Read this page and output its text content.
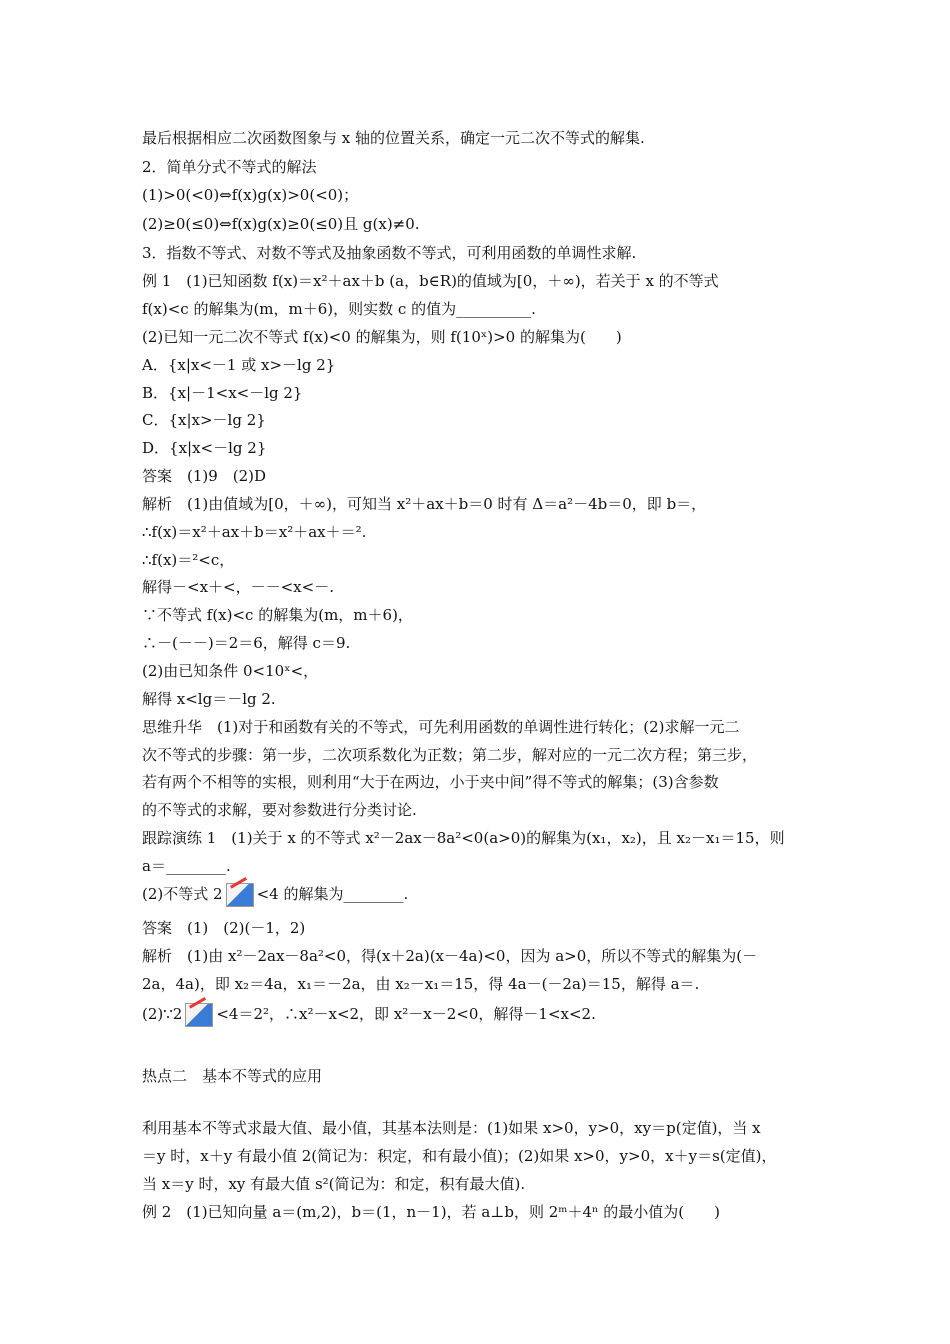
最后根据相应二次函数图象与 x 轴的位置关系，确定一元二次不等式的解集.
2．简单分式不等式的解法
(1)>0(<0)⇔f(x)g(x)>0(<0)；
(2)≥0(≤0)⇔f(x)g(x)≥0(≤0)且 g(x)≠0.
3．指数不等式、对数不等式及抽象函数不等式，可利用函数的单调性求解.
例 1　(1)已知函数 f(x)＝x²＋ax＋b (a，b∈R)的值域为[0，＋∞)，若关于 x 的不等式
f(x)<c 的解集为(m，m＋6)，则实数 c 的值为__________.
(2)已知一元二次不等式 f(x)<0 的解集为，则 f(10ˣ)>0 的解集为(　　)
A．{x|x<－1 或 x>－lg 2}
B．{x|－1<x<－lg 2}
C．{x|x>－lg 2}
D．{x|x<－lg 2}
答案　(1)9　(2)D
解析　(1)由值域为[0，＋∞)，可知当 x²＋ax＋b＝0 时有 Δ＝a²－4b＝0，即 b＝，
∴f(x)＝x²＋ax＋b＝x²＋ax＋＝².
∴f(x)＝²<c，
解得－<x＋<，－－<x<－.
∵不等式 f(x)<c 的解集为(m，m＋6)，
∴－(－－)＝2＝6，解得 c＝9.
(2)由已知条件 0<10ˣ<，
解得 x<lg＝－lg 2.
思维升华　(1)对于和函数有关的不等式，可先利用函数的单调性进行转化；(2)求解一元二
次不等式的步骤：第一步，二次项系数化为正数；第二步，解对应的一元二次方程；第三步，
若有两个不相等的实根，则利用“大于在两边，小于夹中间”得不等式的解集；(3)含参数
的不等式的求解，要对参数进行分类讨论.
跟踪演练 1　(1)关于 x 的不等式 x²－2ax－8a²<0(a>0)的解集为(x₁，x₂)，且 x₂－x₁＝15，则
a＝________.
答案　(1)　(2)(－1，2)
解析　(1)由 x²－2ax－8a²<0，得(x＋2a)(x－4a)<0，因为 a>0，所以不等式的解集为(－
2a，4a)，即 x₂＝4a，x₁＝－2a，由 x₂－x₁＝15，得 4a－(－2a)＝15，解得 a＝.
热点二　基本不等式的应用
利用基本不等式求最大值、最小值，其基本法则是：(1)如果 x>0，y>0，xy＝p(定值)，当 x
＝y 时，x＋y 有最小值 2(简记为：积定，和有最小值)；(2)如果 x>0，y>0，x＋y＝s(定值)，
当 x＝y 时，xy 有最大值 s²(简记为：和定，积有最大值).
例 2　(1)已知向量 a＝(m,2)，b＝(1，n－1)，若 a⊥b，则 2ᵐ＋4ⁿ 的最小值为(　　)
(2)不等式 2 <4 的解集为________.
(2)∵2 <4＝2²，∴x²－x<2，即 x²－x－2<0，解得－1<x<2.
